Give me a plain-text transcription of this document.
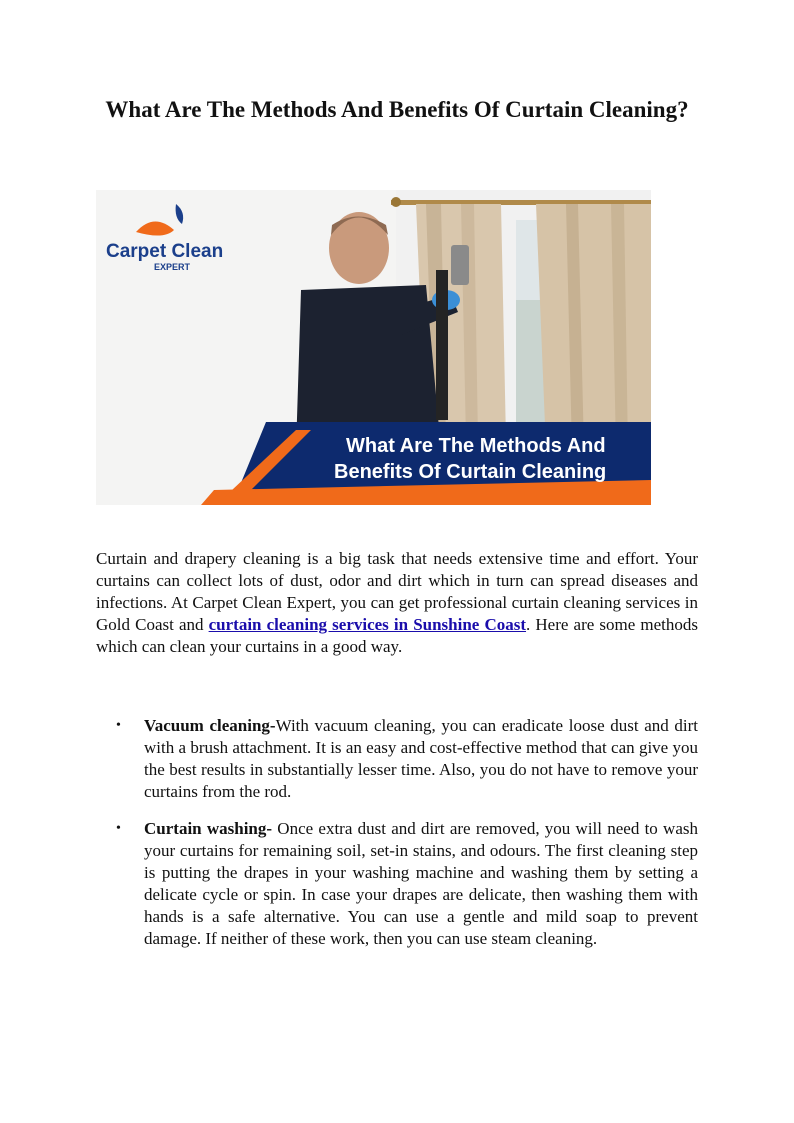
What Are The Methods And Benefits Of Curtain Cleaning?
What Are The Methods And
Benefits Of Curtain Cleaning
Carpet Clean
EXPERT

Curtain and drapery cleaning is a big task that needs extensive time and effort. Your curtains can collect lots of dust, odor and dirt which in turn can spread diseases and infections. At Carpet Clean Expert, you can get professional curtain cleaning services in Gold Coast and curtain cleaning services in Sunshine Coast. Here are some methods which can clean your curtains in a good way.

• Vacuum cleaning-With vacuum cleaning, you can eradicate loose dust and dirt with a brush attachment. It is an easy and cost-effective method that can give you the best results in substantially lesser time. Also, you do not have to remove your curtains from the rod.
• Curtain washing- Once extra dust and dirt are removed, you will need to wash your curtains for remaining soil, set-in stains, and odours. The first cleaning step is putting the drapes in your washing machine and washing them by setting a delicate cycle or spin. In case your drapes are delicate, then washing them with hands is a safe alternative. You can use a gentle and mild soap to prevent damage. If neither of these work, then you can use steam cleaning.
